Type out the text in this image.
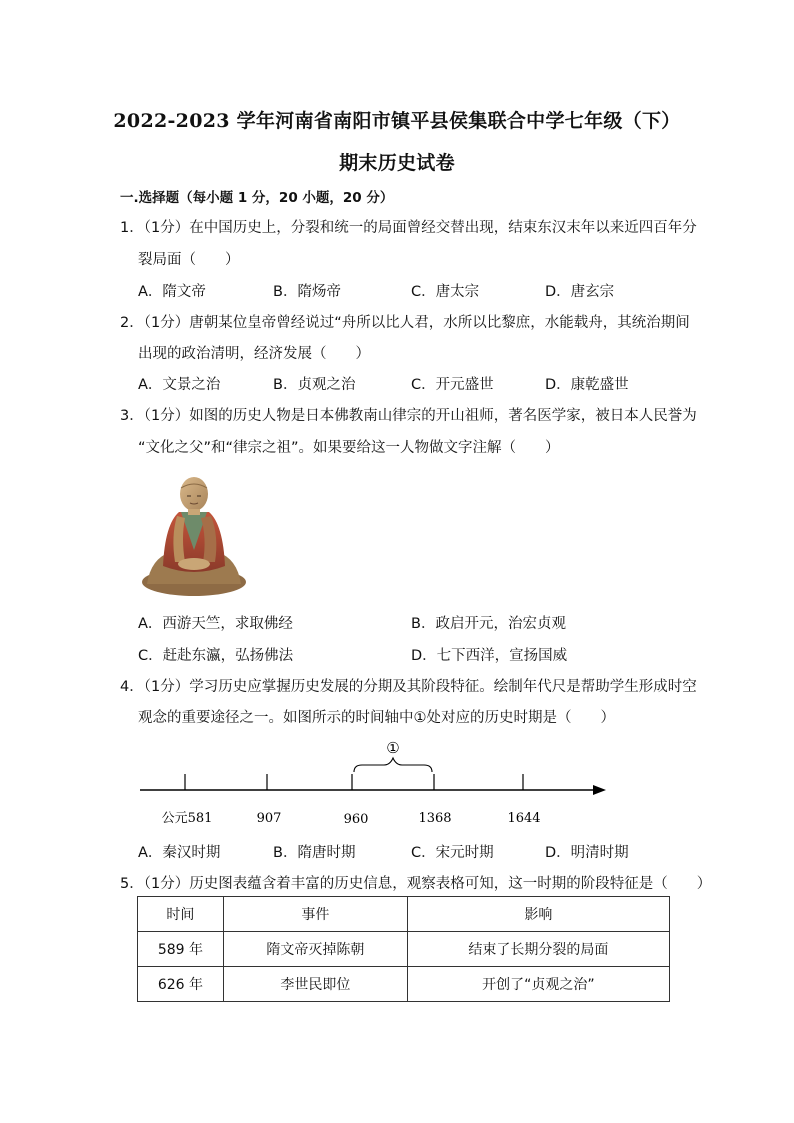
2022-2023 学年河南省南阳市镇平县侯集联合中学七年级（下）
期末历史试卷
一.选择题（每小题 1 分，20 小题，20 分）
1．（1分）在中国历史上，分裂和统一的局面曾经交替出现，结束东汉末年以来近四百年分
裂局面（　　）
A．隋文帝	B．隋炀帝	C．唐太宗	D．唐玄宗
2．（1分）唐朝某位皇帝曾经说过“舟所以比人君，水所以比黎庶，水能载舟，其统治期间
出现的政治清明，经济发展（　　）
A．文景之治	B．贞观之治	C．开元盛世	D．康乾盛世
3．（1分）如图的历史人物是日本佛教南山律宗的开山祖师，著名医学家，被日本人民誉为
“文化之父”和“律宗之祖”。如果要给这一人物做文字注解（　　）
A．西游天竺，求取佛经	B．政启开元，治宏贞观
C．赶赴东瀛，弘扬佛法	D．七下西洋，宣扬国威
4．（1分）学习历史应掌握历史发展的分期及其阶段特征。绘制年代尺是帮助学生形成时空
观念的重要途径之一。如图所示的时间轴中①处对应的历史时期是（　　）
①
公元581	907	960	1368	1644
A．秦汉时期	B．隋唐时期	C．宋元时期	D．明清时期
5．（1分）历史图表蕴含着丰富的历史信息，观察表格可知，这一时期的阶段特征是（　　）
时间	事件	影响
589 年	隋文帝灭掉陈朝	结束了长期分裂的局面
626 年	李世民即位	开创了“贞观之治”
